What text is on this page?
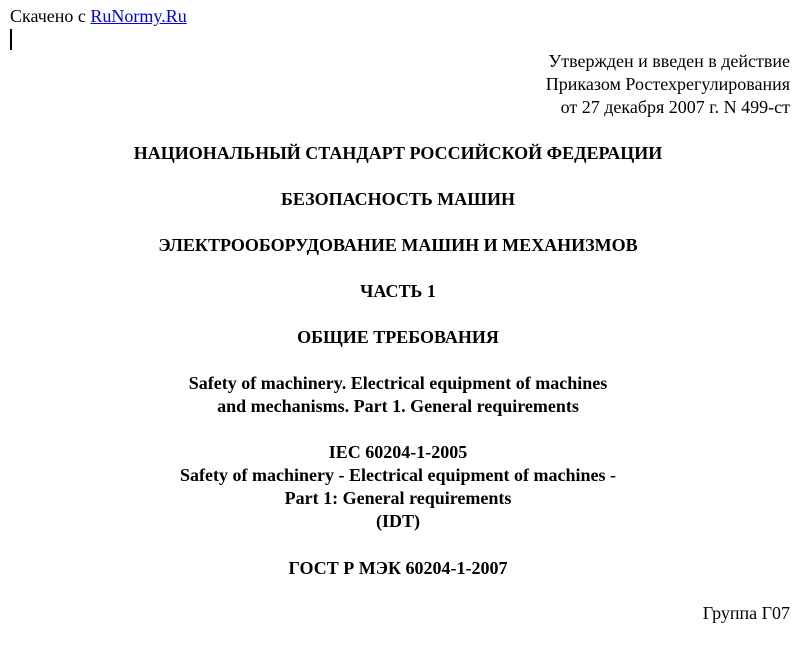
Скачено с RuNormy.Ru
Утвержден и введен в действие
Приказом Ростехрегулирования
от 27 декабря 2007 г. N 499-ст
НАЦИОНАЛЬНЫЙ СТАНДАРТ РОССИЙСКОЙ ФЕДЕРАЦИИ
БЕЗОПАСНОСТЬ МАШИН
ЭЛЕКТРООБОРУДОВАНИЕ МАШИН И МЕХАНИЗМОВ
ЧАСТЬ 1
ОБЩИЕ ТРЕБОВАНИЯ
Safety of machinery. Electrical equipment of machines
and mechanisms. Part 1. General requirements
IEC 60204-1-2005
Safety of machinery - Electrical equipment of machines -
Part 1: General requirements
(IDT)
ГОСТ Р МЭК 60204-1-2007
Группа Г07
